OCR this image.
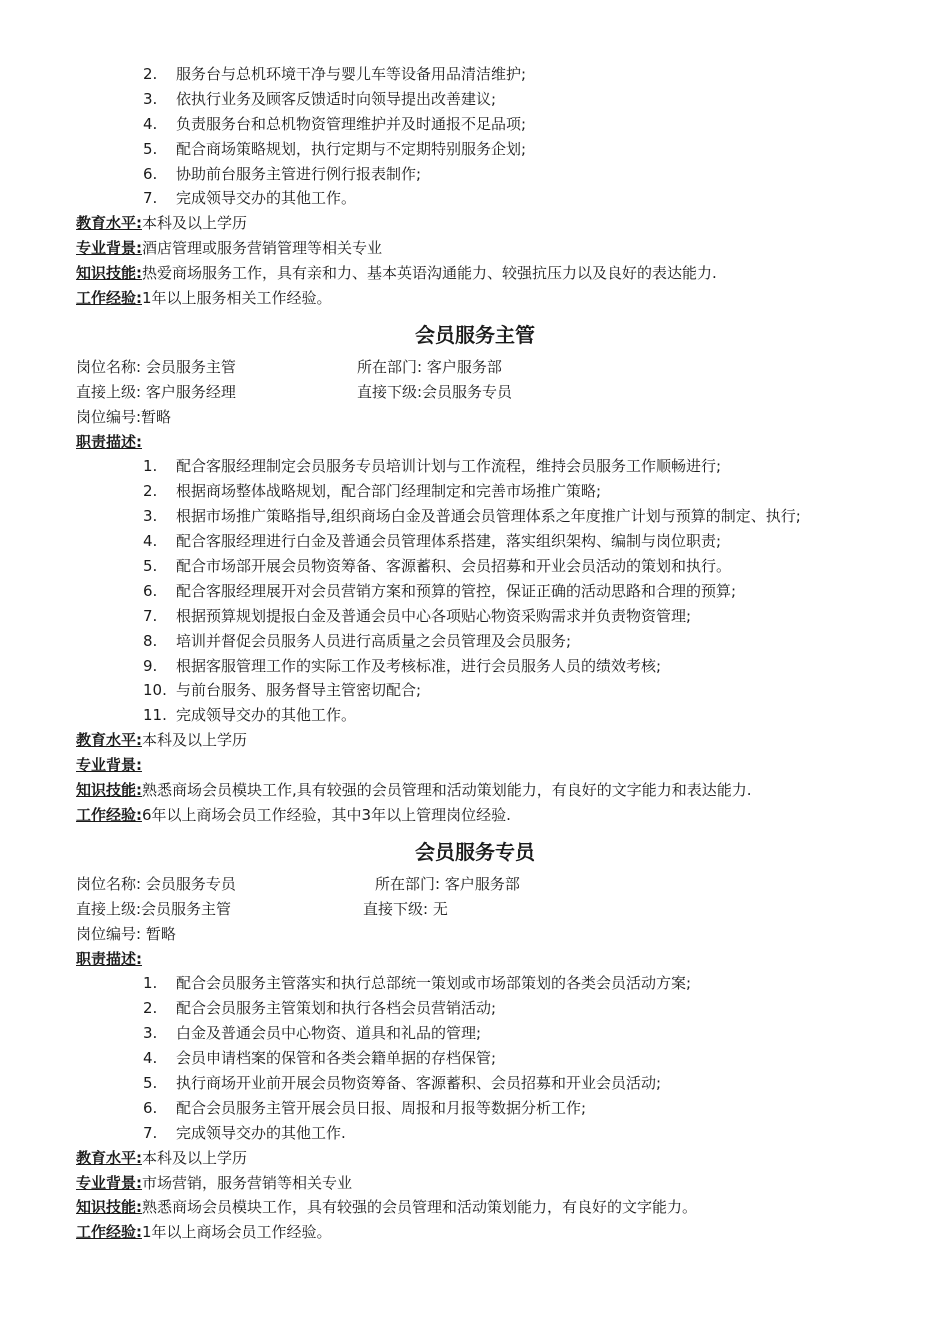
2. 服务台与总机环境干净与婴儿车等设备用品清洁维护;
3. 依执行业务及顾客反馈适时向领导提出改善建议;
4. 负责服务台和总机物资管理维护并及时通报不足品项;
5. 配合商场策略规划，执行定期与不定期特别服务企划;
6. 协助前台服务主管进行例行报表制作;
7. 完成领导交办的其他工作。
教育水平:本科及以上学历
专业背景:酒店管理或服务营销管理等相关专业
知识技能:热爱商场服务工作，具有亲和力、基本英语沟通能力、较强抗压力以及良好的表达能力.
工作经验:1年以上服务相关工作经验。
会员服务主管
岗位名称: 会员服务主管	所在部门: 客户服务部
直接上级: 客户服务经理	直接下级:会员服务专员
岗位编号:暂略
职责描述:
1. 配合客服经理制定会员服务专员培训计划与工作流程，维持会员服务工作顺畅进行;
2. 根据商场整体战略规划，配合部门经理制定和完善市场推广策略;
3. 根据市场推广策略指导,组织商场白金及普通会员管理体系之年度推广计划与预算的制定、执行;
4. 配合客服经理进行白金及普通会员管理体系搭建，落实组织架构、编制与岗位职责;
5. 配合市场部开展会员物资筹备、客源蓄积、会员招募和开业会员活动的策划和执行。
6. 配合客服经理展开对会员营销方案和预算的管控，保证正确的活动思路和合理的预算;
7. 根据预算规划提报白金及普通会员中心各项贴心物资采购需求并负责物资管理;
8. 培训并督促会员服务人员进行高质量之会员管理及会员服务;
9. 根据客服管理工作的实际工作及考核标准，进行会员服务人员的绩效考核;
10. 与前台服务、服务督导主管密切配合;
11. 完成领导交办的其他工作。
教育水平:本科及以上学历
专业背景:
知识技能:熟悉商场会员模块工作,具有较强的会员管理和活动策划能力，有良好的文字能力和表达能力.
工作经验:6年以上商场会员工作经验，其中3年以上管理岗位经验.
会员服务专员
岗位名称: 会员服务专员	所在部门: 客户服务部
直接上级:会员服务主管	直接下级: 无
岗位编号: 暂略
职责描述:
1. 配合会员服务主管落实和执行总部统一策划或市场部策划的各类会员活动方案;
2. 配合会员服务主管策划和执行各档会员营销活动;
3. 白金及普通会员中心物资、道具和礼品的管理;
4. 会员申请档案的保管和各类会籍单据的存档保管;
5. 执行商场开业前开展会员物资筹备、客源蓄积、会员招募和开业会员活动;
6. 配合会员服务主管开展会员日报、周报和月报等数据分析工作;
7. 完成领导交办的其他工作.
教育水平:本科及以上学历
专业背景:市场营销，服务营销等相关专业
知识技能:熟悉商场会员模块工作，具有较强的会员管理和活动策划能力，有良好的文字能力。
工作经验:1年以上商场会员工作经验。
